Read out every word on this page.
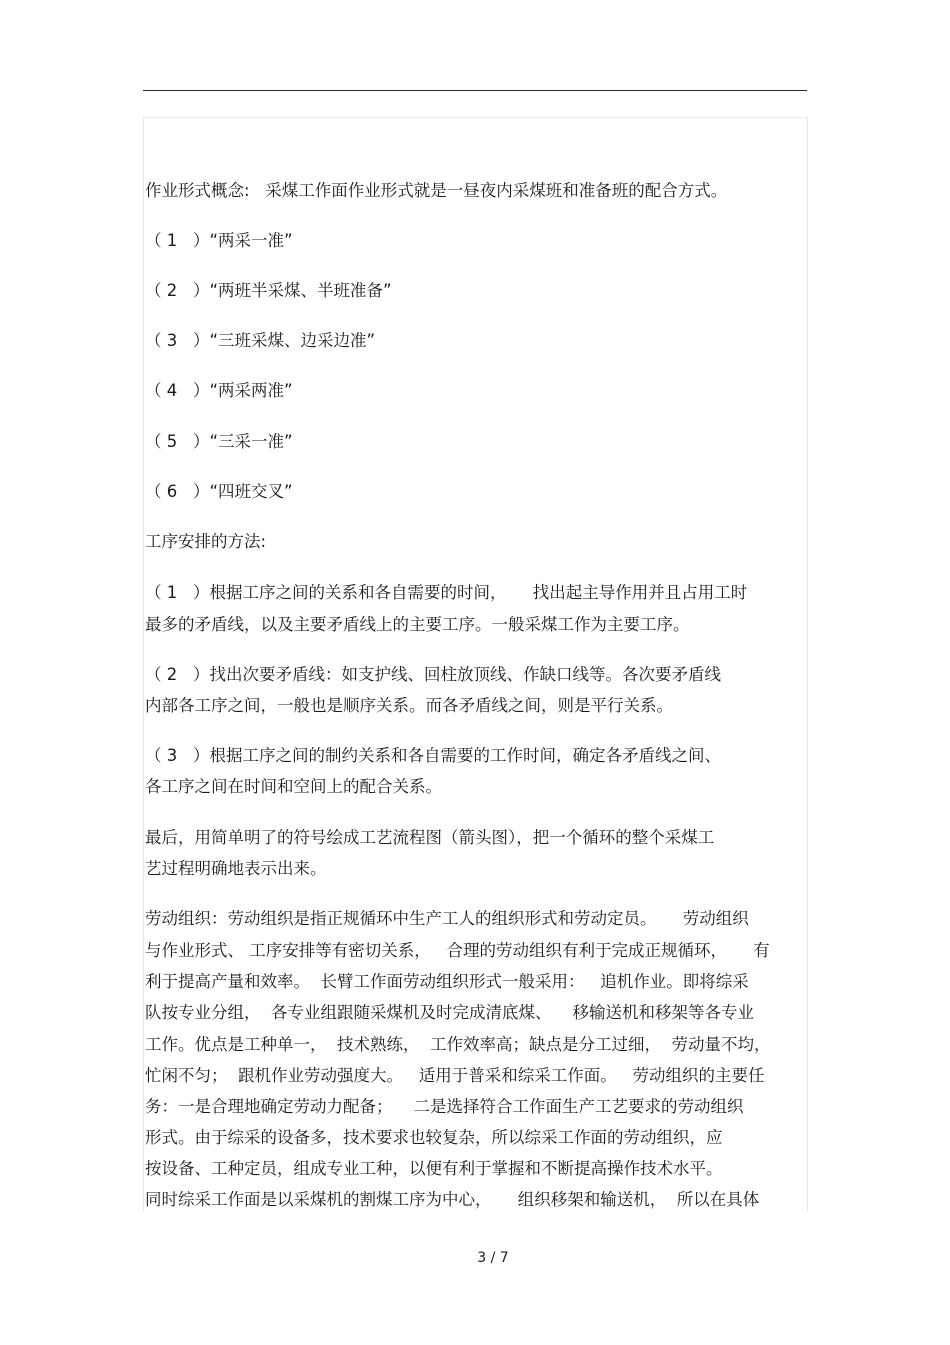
作业形式概念:   采煤工作面作业形式就是一昼夜内采煤班和准备班的配合方式。

（ 1   ）“两采一准”

（ 2   ）“两班半采煤、半班准备”

（ 3   ）“三班采煤、边采边准”

（ 4   ）“两采两准”

（ 5   ）“三采一准”

（ 6   ）“四班交叉”

工序安排的方法:

（ 1   ）根据工序之间的关系和各自需要的时间，     找出起主导作用并且占用工时

最多的矛盾线，以及主要矛盾线上的主要工序。一般采煤工作为主要工序。

（ 2   ）找出次要矛盾线：如支护线、回柱放顶线、作缺口线等。各次要矛盾线

内部各工序之间，一般也是顺序关系。而各矛盾线之间，则是平行关系。

（ 3   ）根据工序之间的制约关系和各自需要的工作时间，确定各矛盾线之间、

各工序之间在时间和空间上的配合关系。

最后，用简单明了的符号绘成工艺流程图（箭头图），把一个循环的整个采煤工

艺过程明确地表示出来。

劳动组织：劳动组织是指正规循环中生产工人的组织形式和劳动定员。     劳动组织

与作业形式、 工序安排等有密切关系，   合理的劳动组织有利于完成正规循环，     有

利于提高产量和效率。  长臂工作面劳动组织形式一般采用：   追机作业。即将综采

队按专业分组，  各专业组跟随采煤机及时完成清底煤、    移输送机和移架等各专业

工作。优点是工种单一，  技术熟练，  工作效率高；缺点是分工过细，  劳动量不均，

忙闲不匀；  跟机作业劳动强度大。   适用于普采和综采工作面。   劳动组织的主要任

务：一是合理地确定劳动力配备；    二是选择符合工作面生产工艺要求的劳动组织

形式。由于综采的设备多，技术要求也较复杂，所以综采工作面的劳动组织，应

按设备、工种定员，组成专业工种，以便有利于掌握和不断提高操作技术水平。

同时综采工作面是以采煤机的割煤工序为中心，     组织移架和输送机，  所以在具体

3 / 7
